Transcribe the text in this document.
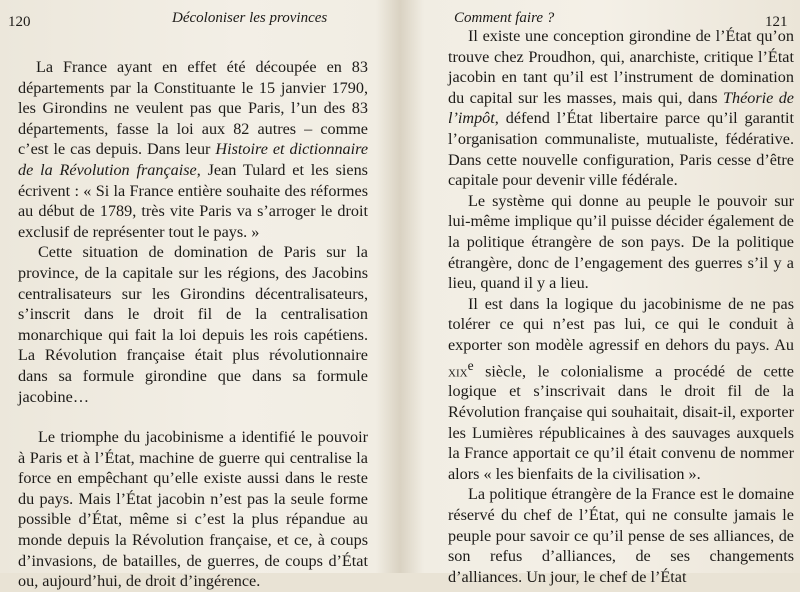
120	Décoloniser les provinces

La France ayant en effet été découpée en 83 départements par la Constituante le 15 janvier 1790, les Girondins ne veulent pas que Paris, l’un des 83 départements, fasse la loi aux 82 autres – comme c’est le cas depuis. Dans leur Histoire et dictionnaire de la Révolution française, Jean Tulard et les siens écrivent : « Si la France entière souhaite des réformes au début de 1789, très vite Paris va s’arroger le droit exclusif de représenter tout le pays. »

Cette situation de domination de Paris sur la province, de la capitale sur les régions, des Jacobins centralisateurs sur les Girondins décentralisateurs, s’inscrit dans le droit fil de la centralisation monarchique qui fait la loi depuis les rois capétiens. La Révolution française était plus révolutionnaire dans sa formule girondine que dans sa formule jacobine…

Le triomphe du jacobinisme a identifié le pouvoir à Paris et à l’État, machine de guerre qui centralise la force en empêchant qu’elle existe aussi dans le reste du pays. Mais l’État jacobin n’est pas la seule forme possible d’État, même si c’est la plus répandue au monde depuis la Révolution française, et ce, à coups d’invasions, de batailles, de guerres, de coups d’État ou, aujourd’hui, de droit d’ingérence.

Comment faire ?	121

Il existe une conception girondine de l’État qu’on trouve chez Proudhon, qui, anarchiste, critique l’État jacobin en tant qu’il est l’instrument de domination du capital sur les masses, mais qui, dans Théorie de l’impôt, défend l’État libertaire parce qu’il garantit l’organisation communaliste, mutualiste, fédérative. Dans cette nouvelle configuration, Paris cesse d’être capitale pour devenir ville fédérale.

Le système qui donne au peuple le pouvoir sur lui-même implique qu’il puisse décider également de la politique étrangère de son pays. De la politique étrangère, donc de l’engagement des guerres s’il y a lieu, quand il y a lieu.

Il est dans la logique du jacobinisme de ne pas tolérer ce qui n’est pas lui, ce qui le conduit à exporter son modèle agressif en dehors du pays. Au xix$^e$ siècle, le colonialisme a procédé de cette logique et s’inscrivait dans le droit fil de la Révolution française qui souhaitait, disait-il, exporter les Lumières républicaines à des sauvages auxquels la France apportait ce qu’il était convenu de nommer alors « les bienfaits de la civilisation ».

La politique étrangère de la France est le domaine réservé du chef de l’État, qui ne consulte jamais le peuple pour savoir ce qu’il pense de ses alliances, de son refus d’alliances, de ses changements d’alliances. Un jour, le chef de l’État
